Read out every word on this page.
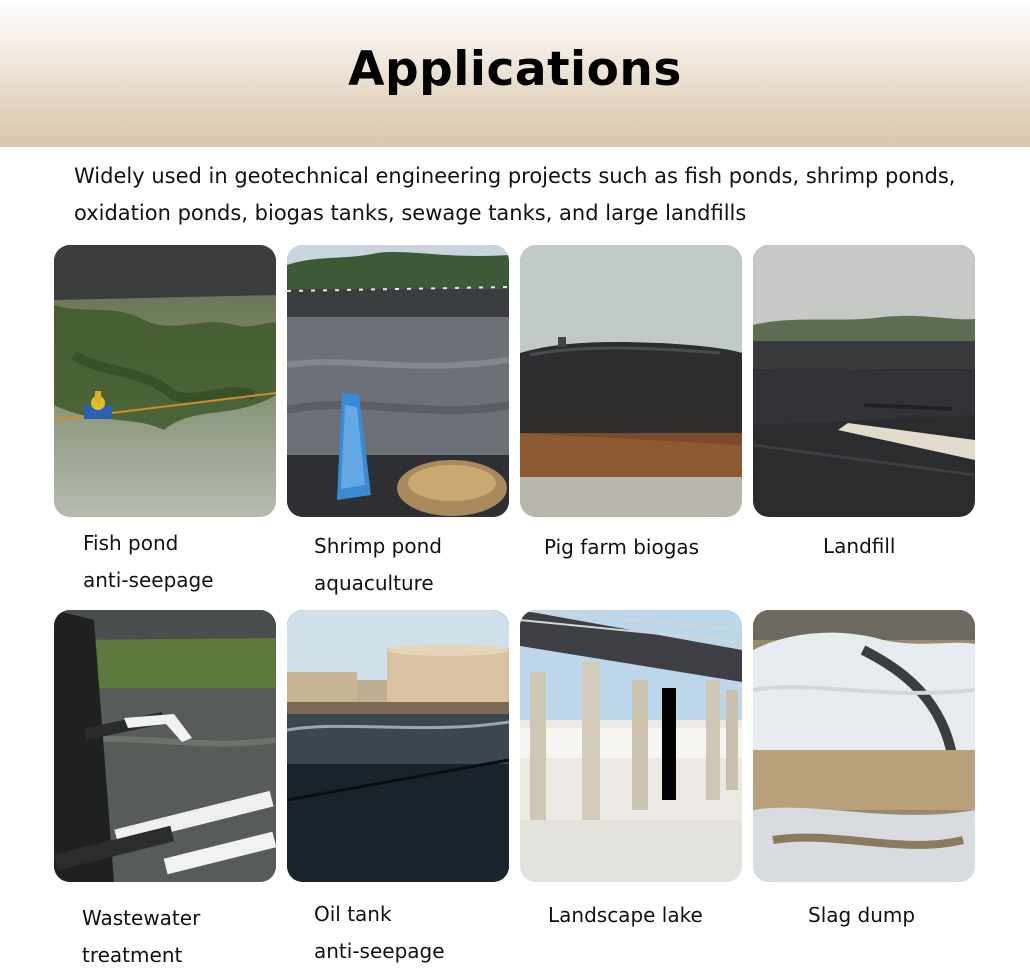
Applications
Widely used in geotechnical engineering projects such as fish ponds, shrimp ponds,
oxidation ponds, biogas tanks, sewage tanks, and large landfills
Fish pond
anti-seepage
Shrimp pond
aquaculture
Pig farm biogas	Landfill
Wastewater
treatment
Oil tank
anti-seepage
Landscape lake	Slag dump
